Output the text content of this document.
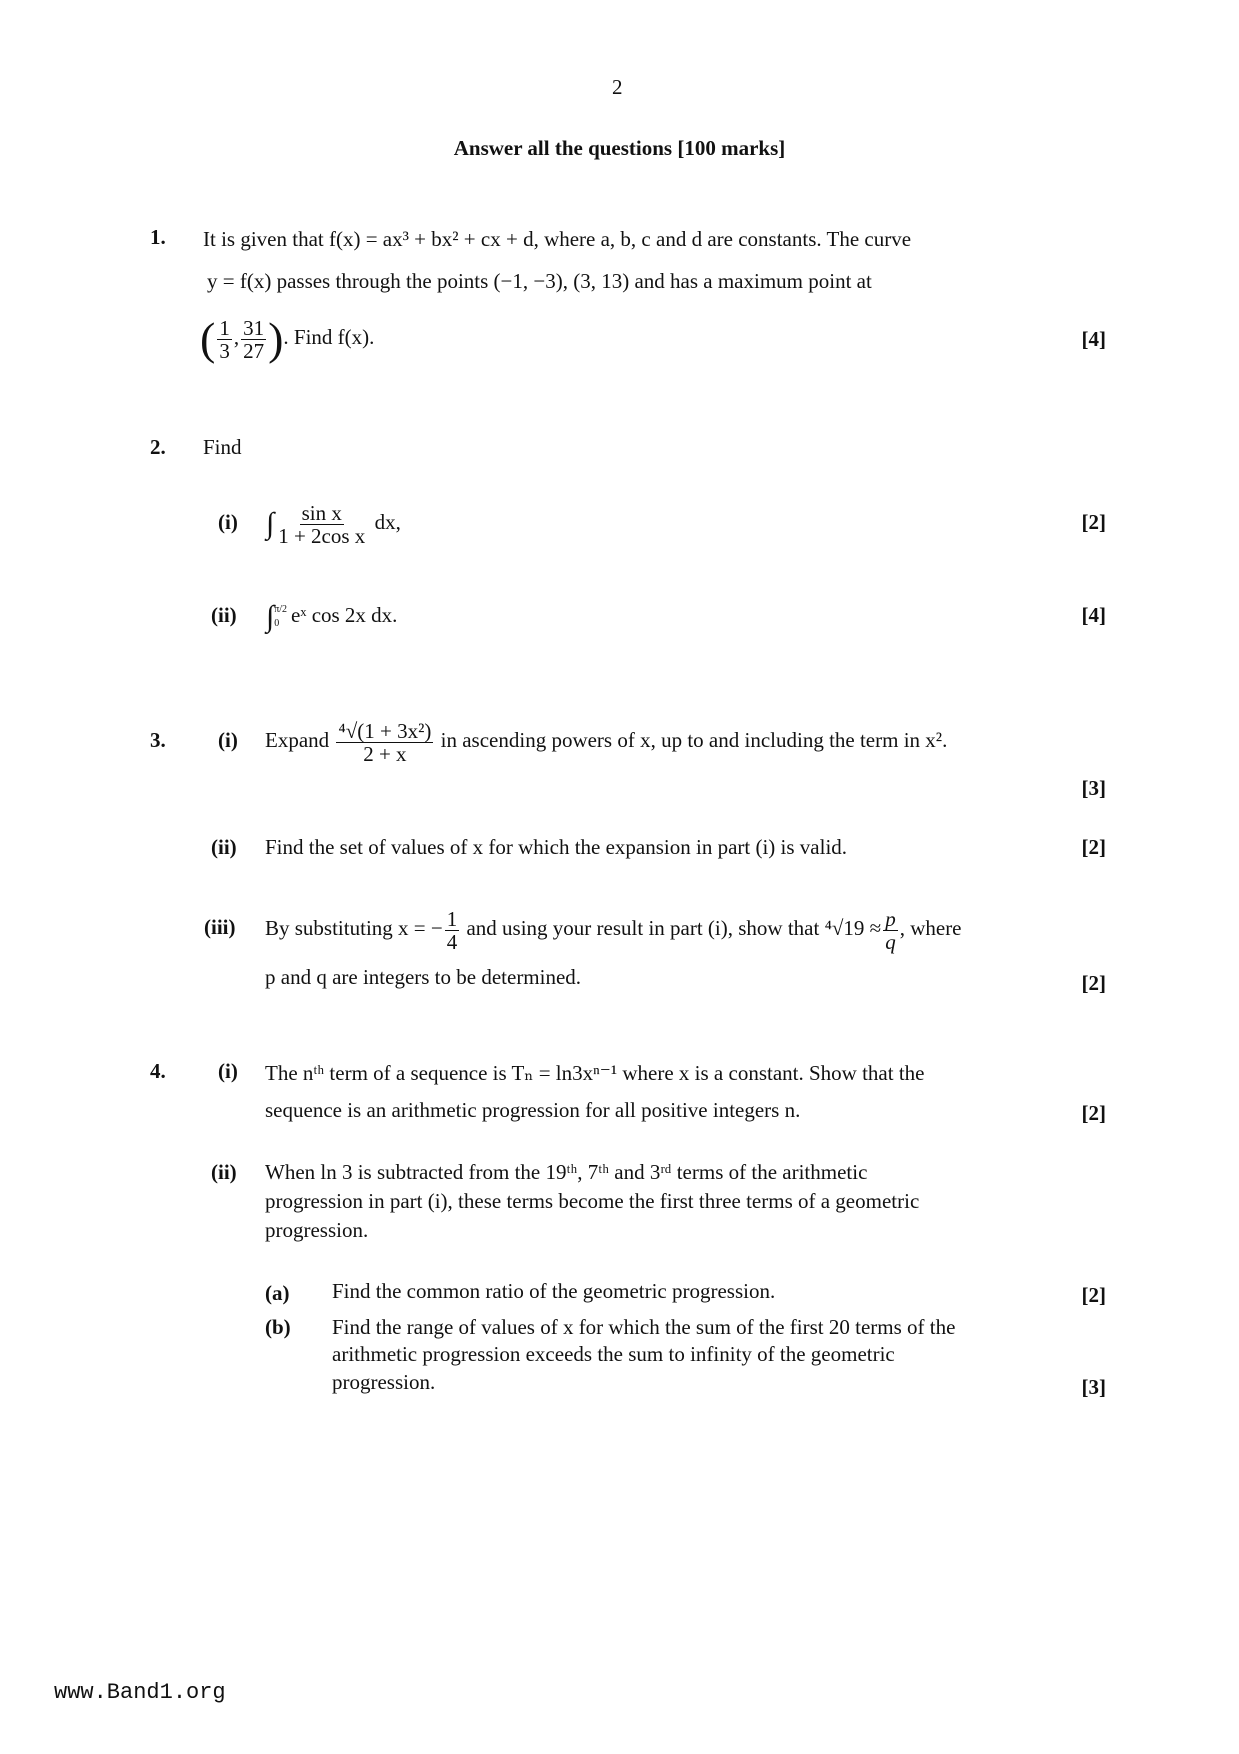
2
Answer all the questions [100 marks]
1. It is given that f(x) = ax³ + bx² + cx + d, where a, b, c and d are constants. The curve
y = f(x) passes through the points (−1, −3), (3, 13) and has a maximum point at
( $\frac{1}{3}$ , $\frac{31}{27}$ ). Find f(x).	[4]
2. Find
(i) ∫ $\frac{\text{sin x}}{\text{1 + 2cos x}}$ dx,	[2]
(ii) ∫ π/2
0 eˣ cos 2x dx.	[4]
3. (i) Expand $\frac{\text{⁴√(1 + 3x²)}}{2 + x}$ in ascending powers of x, up to and including the term in x².
[3]
(ii) Find the set of values of x for which the expansion in part (i) is valid.	[2]
(iii) By substituting x = − $\frac{1}{4}$ and using your result in part (i), show that $^4√19 \approx \frac{p}{q}$ , where
p and q are integers to be determined.	[2]
4. (i) The nᵗʰ term of a sequence is Tₙ = ln3xⁿ⁻¹ where x is a constant. Show that the
sequence is an arithmetic progression for all positive integers n.	[2]
(ii) When ln 3 is subtracted from the 19ᵗʰ, 7ᵗʰ and 3ʳᵈ terms of the arithmetic
progression in part (i), these terms become the first three terms of a geometric
progression.
(a) Find the common ratio of the geometric progression.	[2]
(b) Find the range of values of x for which the sum of the first 20 terms of the
arithmetic progression exceeds the sum to infinity of the geometric
progression.	[3]
www.Band1.org
